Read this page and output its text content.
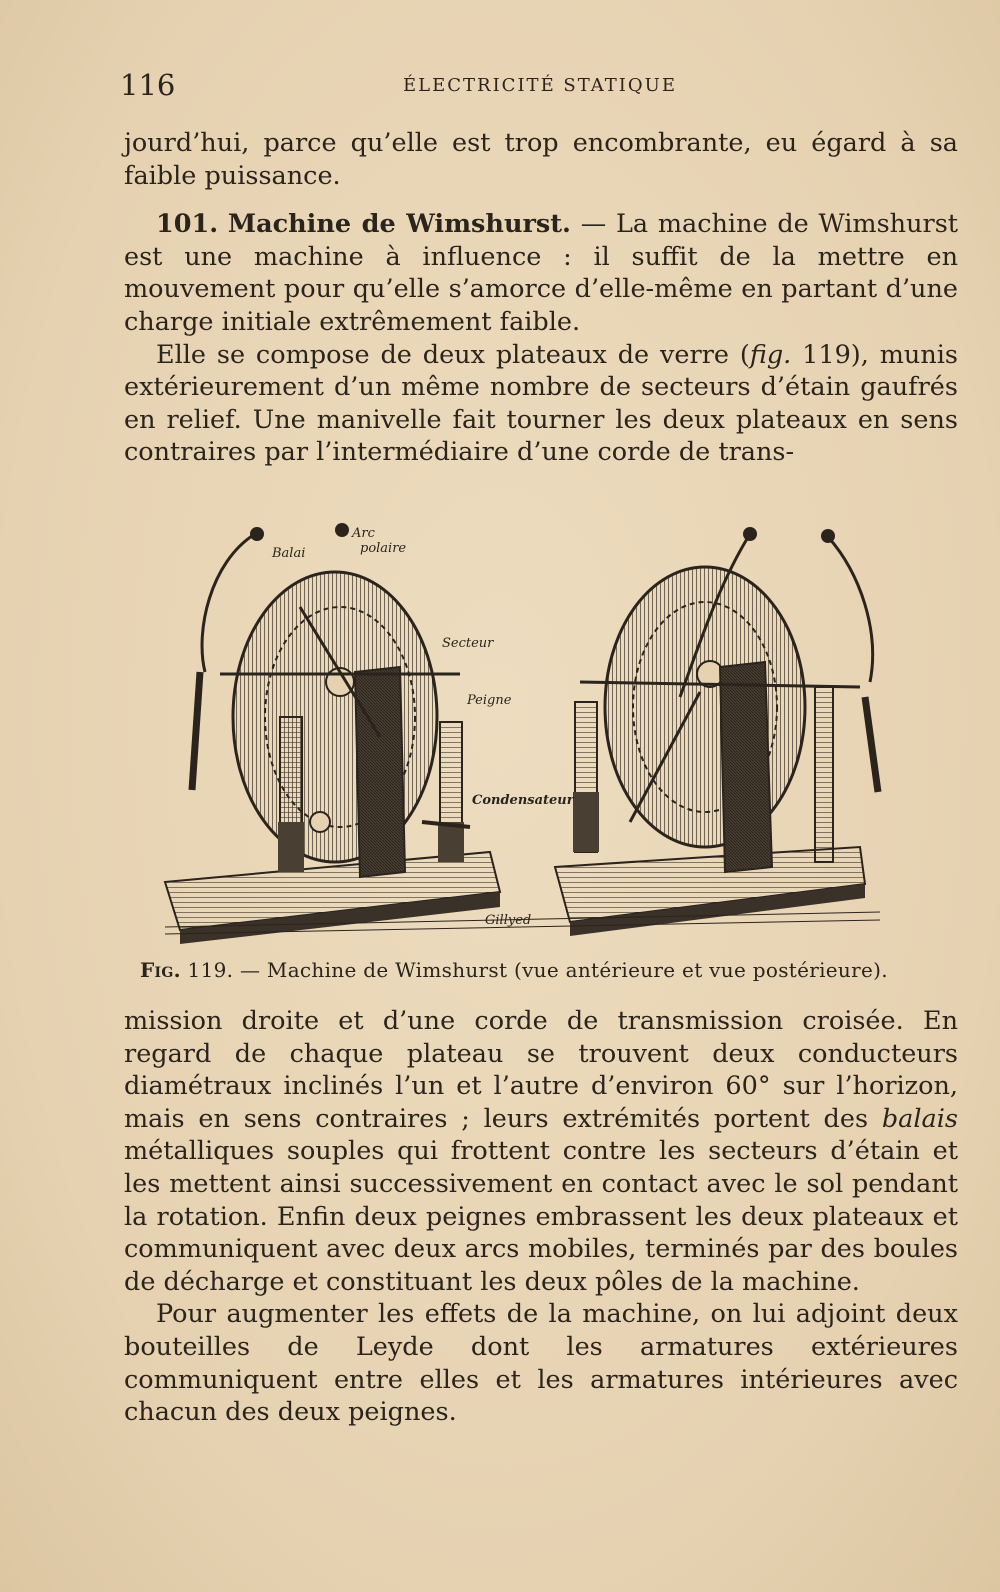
116	ÉLECTRICITÉ STATIQUE

jourd’hui, parce qu’elle est trop encombrante, eu égard à sa faible puissance.

101. Machine de Wimshurst. — La machine de Wimshurst est une machine à influence : il suffit de la mettre en mouvement pour qu’elle s’amorce d’elle-même en partant d’une charge initiale extrêmement faible.

Elle se compose de deux plateaux de verre (fig. 119), munis extérieurement d’un même nombre de secteurs d’étain gaufrés en relief. Une manivelle fait tourner les deux plateaux en sens contraires par l’intermédiaire d’une corde de trans-

Balai
Arc
polaire
Secteur
Peigne
Condensateur
Gillyed
Fig. 119. — Machine de Wimshurst (vue antérieure et vue postérieure).

mission droite et d’une corde de transmission croisée. En regard de chaque plateau se trouvent deux conducteurs diamétraux inclinés l’un et l’autre d’environ 60° sur l’horizon, mais en sens contraires ; leurs extrémités portent des balais métalliques souples qui frottent contre les secteurs d’étain et les mettent ainsi successivement en contact avec le sol pendant la rotation. Enfin deux peignes embrassent les deux plateaux et communiquent avec deux arcs mobiles, terminés par des boules de décharge et constituant les deux pôles de la machine.

Pour augmenter les effets de la machine, on lui adjoint deux bouteilles de Leyde dont les armatures extérieures communiquent entre elles et les armatures intérieures avec chacun des deux peignes.
